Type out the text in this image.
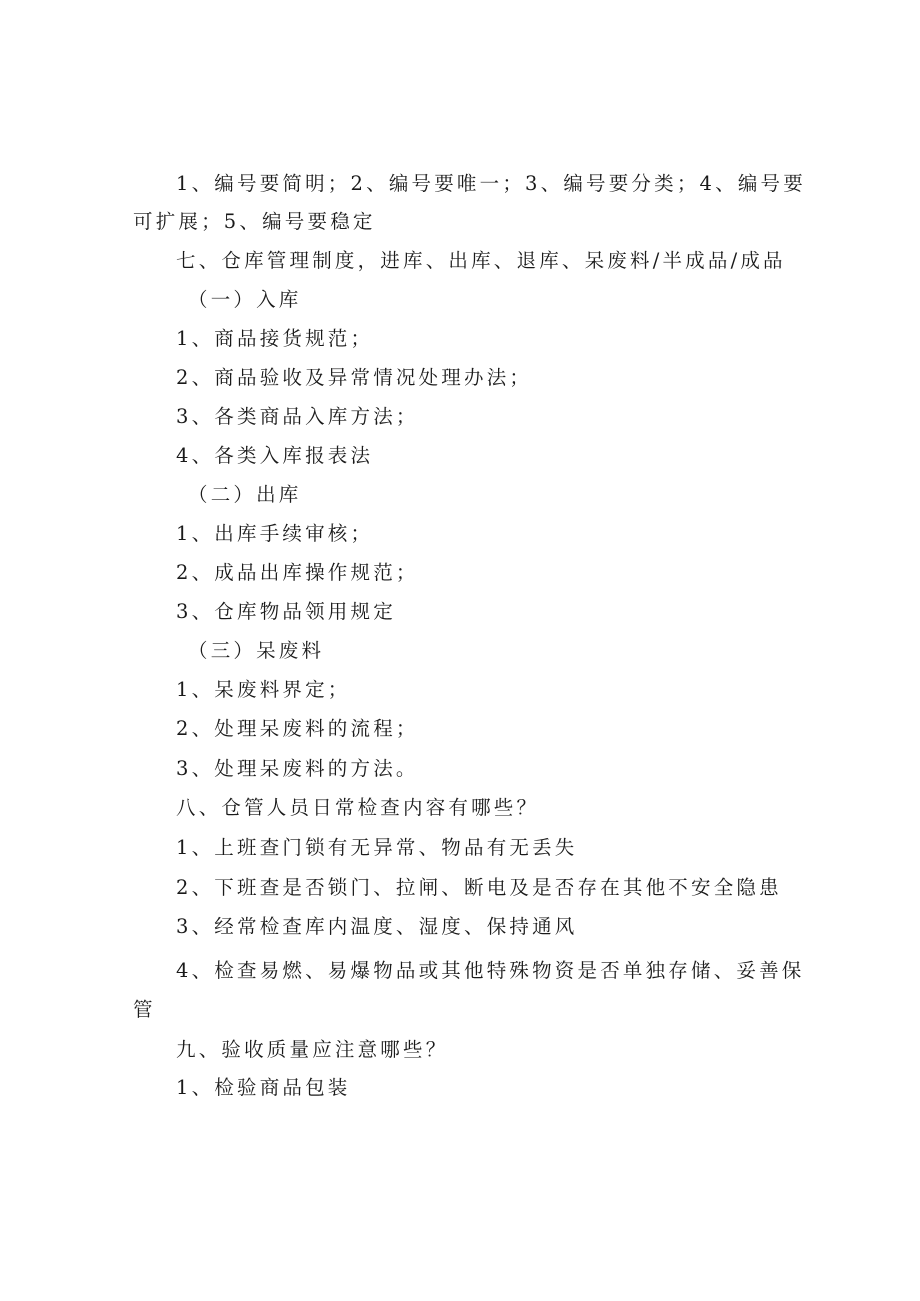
1、编号要简明；2、编号要唯一；3、编号要分类；4、编号要

可扩展；5、编号要稳定

七、仓库管理制度，进库、出库、退库、呆废料/半成品/成品

（一）入库

1、商品接货规范；

2、商品验收及异常情况处理办法；

3、各类商品入库方法；

4、各类入库报表法

（二）出库

1、出库手续审核；

2、成品出库操作规范；

3、仓库物品领用规定

（三）呆废料

1、呆废料界定；

2、处理呆废料的流程；

3、处理呆废料的方法。

八、仓管人员日常检查内容有哪些？

1、上班查门锁有无异常、物品有无丢失

2、下班查是否锁门、拉闸、断电及是否存在其他不安全隐患

3、经常检查库内温度、湿度、保持通风

4、检查易燃、易爆物品或其他特殊物资是否单独存储、妥善保

管

九、验收质量应注意哪些？

1、检验商品包装
